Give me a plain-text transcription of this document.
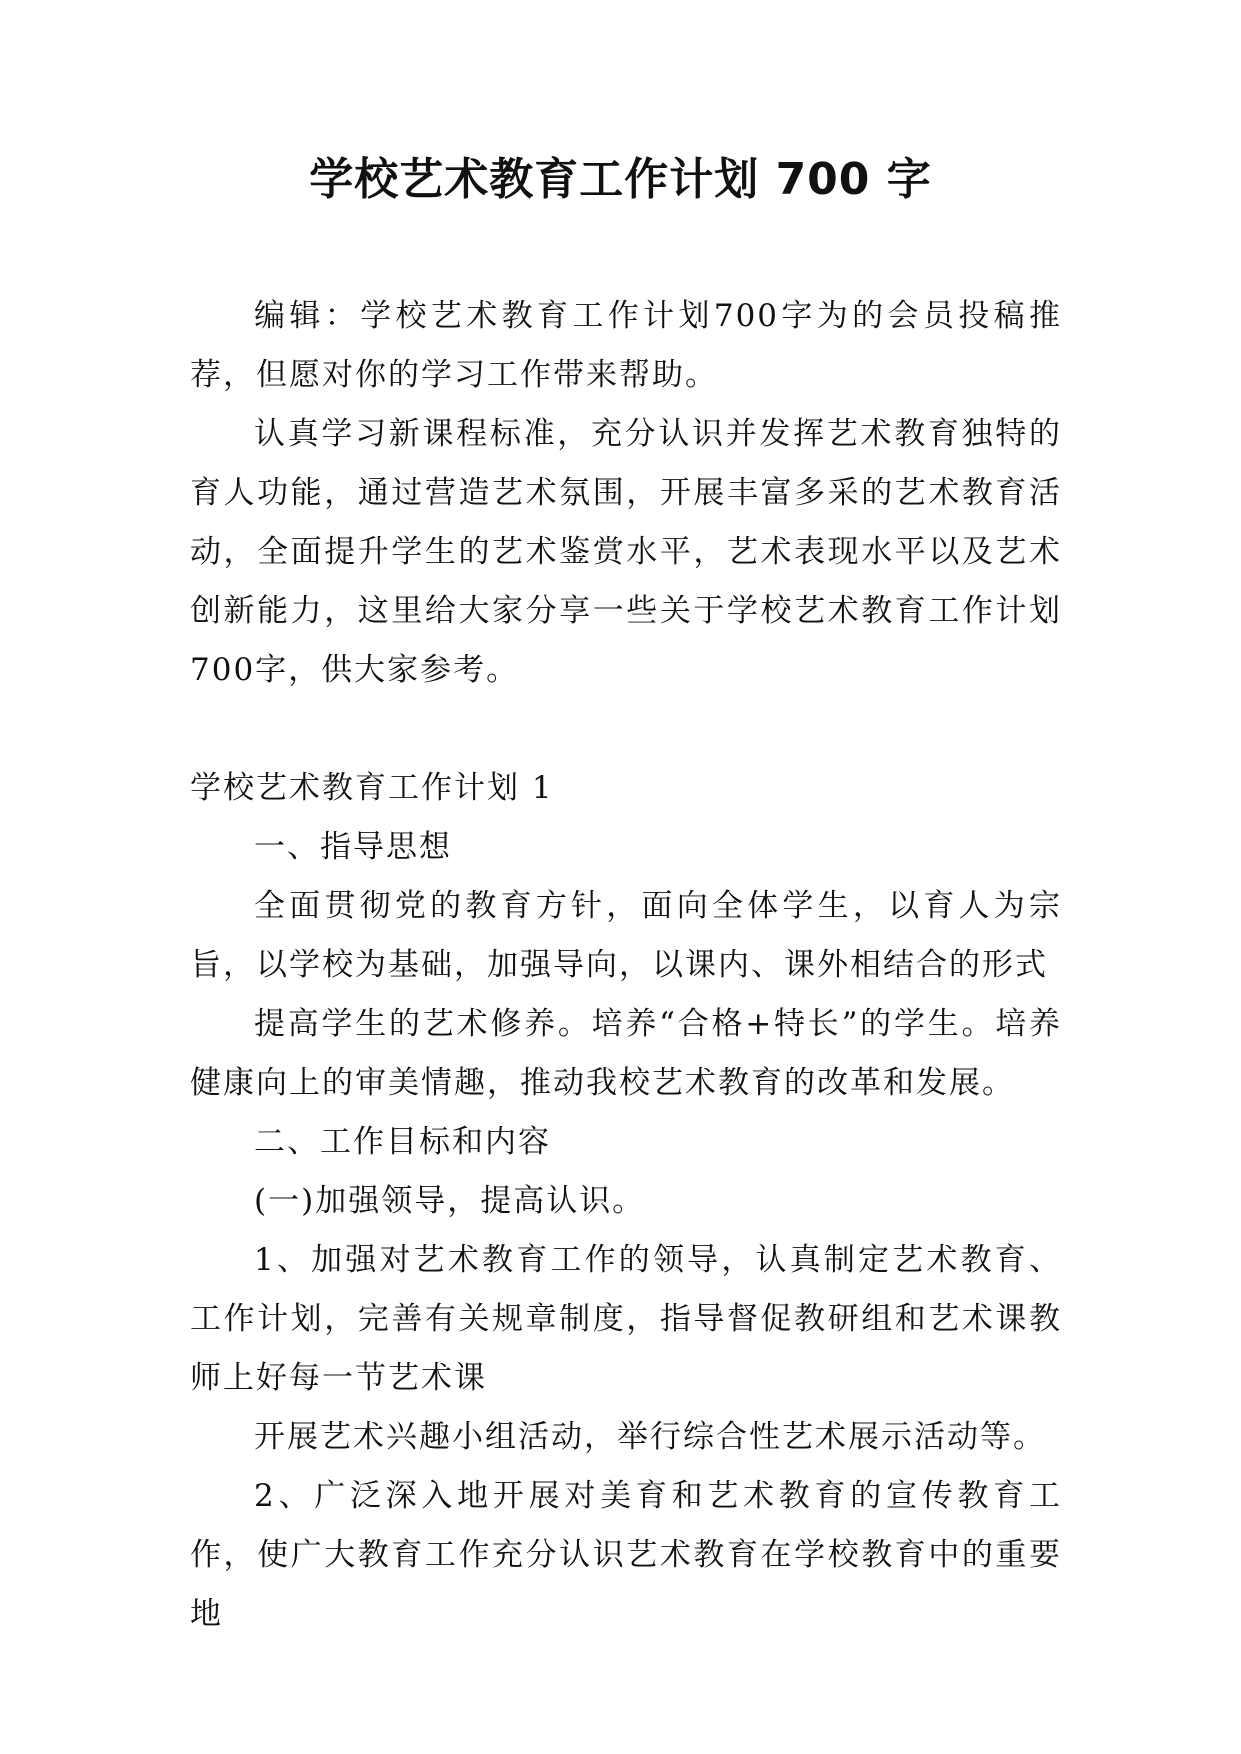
学校艺术教育工作计划 700 字

编辑：学校艺术教育工作计划700字为的会员投稿推荐，但愿对你的学习工作带来帮助。

认真学习新课程标准，充分认识并发挥艺术教育独特的育人功能，通过营造艺术氛围，开展丰富多采的艺术教育活动，全面提升学生的艺术鉴赏水平，艺术表现水平以及艺术创新能力，这里给大家分享一些关于学校艺术教育工作计划700字，供大家参考。

学校艺术教育工作计划 1

一、指导思想

全面贯彻党的教育方针，面向全体学生，以育人为宗旨，以学校为基础，加强导向，以课内、课外相结合的形式

提高学生的艺术修养。培养“合格+特长”的学生。培养健康向上的审美情趣，推动我校艺术教育的改革和发展。

二、工作目标和内容

(一)加强领导，提高认识。

1、加强对艺术教育工作的领导，认真制定艺术教育、工作计划，完善有关规章制度，指导督促教研组和艺术课教师上好每一节艺术课

开展艺术兴趣小组活动，举行综合性艺术展示活动等。

2、广泛深入地开展对美育和艺术教育的宣传教育工作，使广大教育工作充分认识艺术教育在学校教育中的重要地
